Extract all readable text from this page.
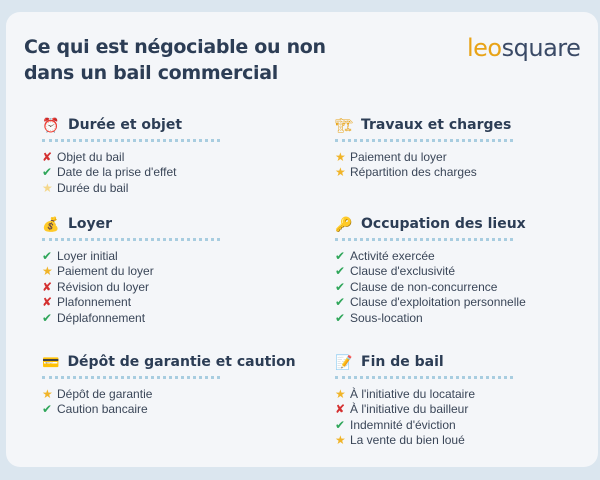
Ce qui est négociable ou non
dans un bail commercial
leosquare
⏰ Durée et objet
✘ Objet du bail
✔ Date de la prise d'effet
★ Durée du bail
🏗 Travaux et charges
★ Paiement du loyer
★ Répartition des charges
💰 Loyer
✔ Loyer initial
★ Paiement du loyer
✘ Révision du loyer
✘ Plafonnement
✔ Déplafonnement
🔑 Occupation des lieux
✔ Activité exercée
✔ Clause d'exclusivité
✔ Clause de non-concurrence
✔ Clause d'exploitation personnelle
✔ Sous-location
💳 Dépôt de garantie et caution
★ Dépôt de garantie
✔ Caution bancaire
📝 Fin de bail
★ À l'initiative du locataire
✘ À l'initiative du bailleur
✔ Indemnité d'éviction
★ La vente du bien loué
